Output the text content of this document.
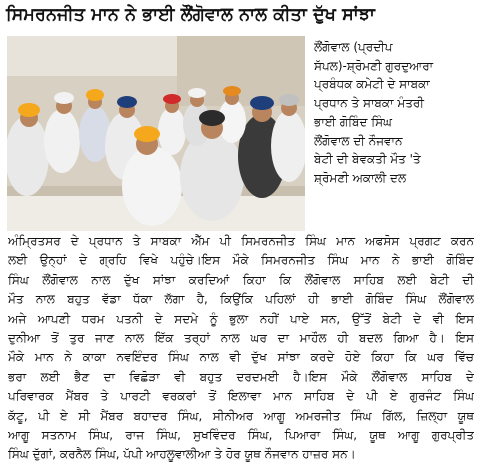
ਸਿਮਰਨਜੀਤ ਮਾਨ ਨੇ ਭਾਈ ਲੌਂਗੋਵਾਲ ਨਾਲ ਕੀਤਾ ਦੁੱਖ ਸਾਂਝਾ
ਲੌਂਗੋਵਾਲ (ਪ੍ਰਦੀਪ
ਸੱਪਲ)-ਸ਼੍ਰੋਮਣੀ ਗੁਰਦੁਆਰਾ
ਪ੍ਰਬੰਧਕ ਕਮੇਟੀ ਦੇ ਸਾਬਕਾ
ਪ੍ਰਧਾਨ ਤੇ ਸਾਬਕਾ ਮੰਤਰੀ
ਭਾਈ ਗੋਬਿੰਦ ਸਿੰਘ
ਲੌਂਗੋਵਾਲ ਦੀ ਨੌਜਵਾਨ
ਬੇਟੀ ਦੀ ਬੇਵਕਤੀ ਮੌਤ 'ਤੇ
ਸ਼੍ਰੋਮਣੀ ਅਕਾਲੀ ਦਲ
ਅੰਮ੍ਰਿਤਸਰ ਦੇ ਪ੍ਰਧਾਨ ਤੇ ਸਾਬਕਾ ਐੱਮ ਪੀ ਸਿਮਰਨਜੀਤ ਸਿੰਘ ਮਾਨ ਅਫਸੋਸ ਪ੍ਰਗਟ ਕਰਨ
ਲਈ ਉਨ੍ਹਾਂ ਦੇ ਗ੍ਰਹਿ ਵਿਖੇ ਪਹੁੰਚੇ।ਇਸ ਮੌਕੇ ਸਿਮਰਨਜੀਤ ਸਿੰਘ ਮਾਨ ਨੇ ਭਾਈ ਗੋਬਿੰਦ
ਸਿੰਘ ਲੌਂਗੋਵਾਲ ਨਾਲ ਦੁੱਖ ਸਾਂਝਾ ਕਰਦਿਆਂ ਕਿਹਾ ਕਿ ਲੌਂਗੋਵਾਲ ਸਾਹਿਬ ਲਈ ਬੇਟੀ ਦੀ
ਮੌਤ ਨਾਲ ਬਹੁਤ ਵੱਡਾ ਧੱਕਾ ਲੱਗਾ ਹੈ, ਕਿਉਂਕਿ ਪਹਿਲਾਂ ਹੀ ਭਾਈ ਗੋਬਿੰਦ ਸਿੰਘ ਲੌਂਗੋਵਾਲ
ਅਜੇ ਆਪਣੀ ਧਰਮ ਪਤਨੀ ਦੇ ਸਦਮੇ ਨੂੰ ਭੁਲਾ ਨਹੀਂ ਪਾਏ ਸਨ, ਉੱਤੋਂ ਬੇਟੀ ਦੇ ਵੀ ਇਸ
ਦੁਨੀਆ ਤੋਂ ਤੁਰ ਜਾਣ ਨਾਲ ਇੱਕ ਤਰ੍ਹਾਂ ਨਾਲ ਘਰ ਦਾ ਮਾਹੌਲ ਹੀ ਬਦਲ ਗਿਆ ਹੈ। ਇਸ
ਮੌਕੇ ਮਾਨ ਨੇ ਕਾਕਾ ਨਵਇੰਦਰ ਸਿੰਘ ਨਾਲ ਵੀ ਦੁੱਖ ਸਾਂਝਾ ਕਰਦੇ ਹੋਏ ਕਿਹਾ ਕਿ ਘਰ ਵਿੱਚ
ਭਰਾ ਲਈ ਭੈਣ ਦਾ ਵਿਛੋੜਾ ਵੀ ਬਹੁਤ ਦਰਦਮਈ ਹੈ।ਇਸ ਮੌਕੇ ਲੌਂਗੋਵਾਲ ਸਾਹਿਬ ਦੇ
ਪਰਿਵਾਰਕ ਮੈਂਬਰ ਤੇ ਪਾਰਟੀ ਵਰਕਰਾਂ ਤੋਂ ਇਲਾਵਾ ਮਾਨ ਸਾਹਿਬ ਦੇ ਪੀ ਏ ਗੁਰਜੰਟ ਸਿੰਘ
ਕੱਟੂ, ਪੀ ਏ ਸੀ ਮੈਂਬਰ ਬਹਾਦਰ ਸਿੰਘ, ਸੀਨੀਅਰ ਆਗੂ ਅਮਰਜੀਤ ਸਿੰਘ ਗਿੱਲ, ਜ਼ਿਲ੍ਹਾ ਯੂਥ
ਆਗੂ ਸਤਨਾਮ ਸਿੰਘ, ਰਾਜ ਸਿੰਘ, ਸੁਖਵਿੰਦਰ ਸਿੰਘ, ਪਿਆਰਾ ਸਿੰਘ, ਯੂਥ ਆਗੂ ਗੁਰਪ੍ਰੀਤ
ਸਿੰਘ ਦੁੱਗਾਂ, ਕਰਨੈਲ ਸਿੰਘ, ਪੱਪੀ ਆਹਲੂਵਾਲੀਆ ਤੇ ਹੋਰ ਯੂਥ ਨੌਜਵਾਨ ਹਾਜ਼ਰ ਸਨ।
